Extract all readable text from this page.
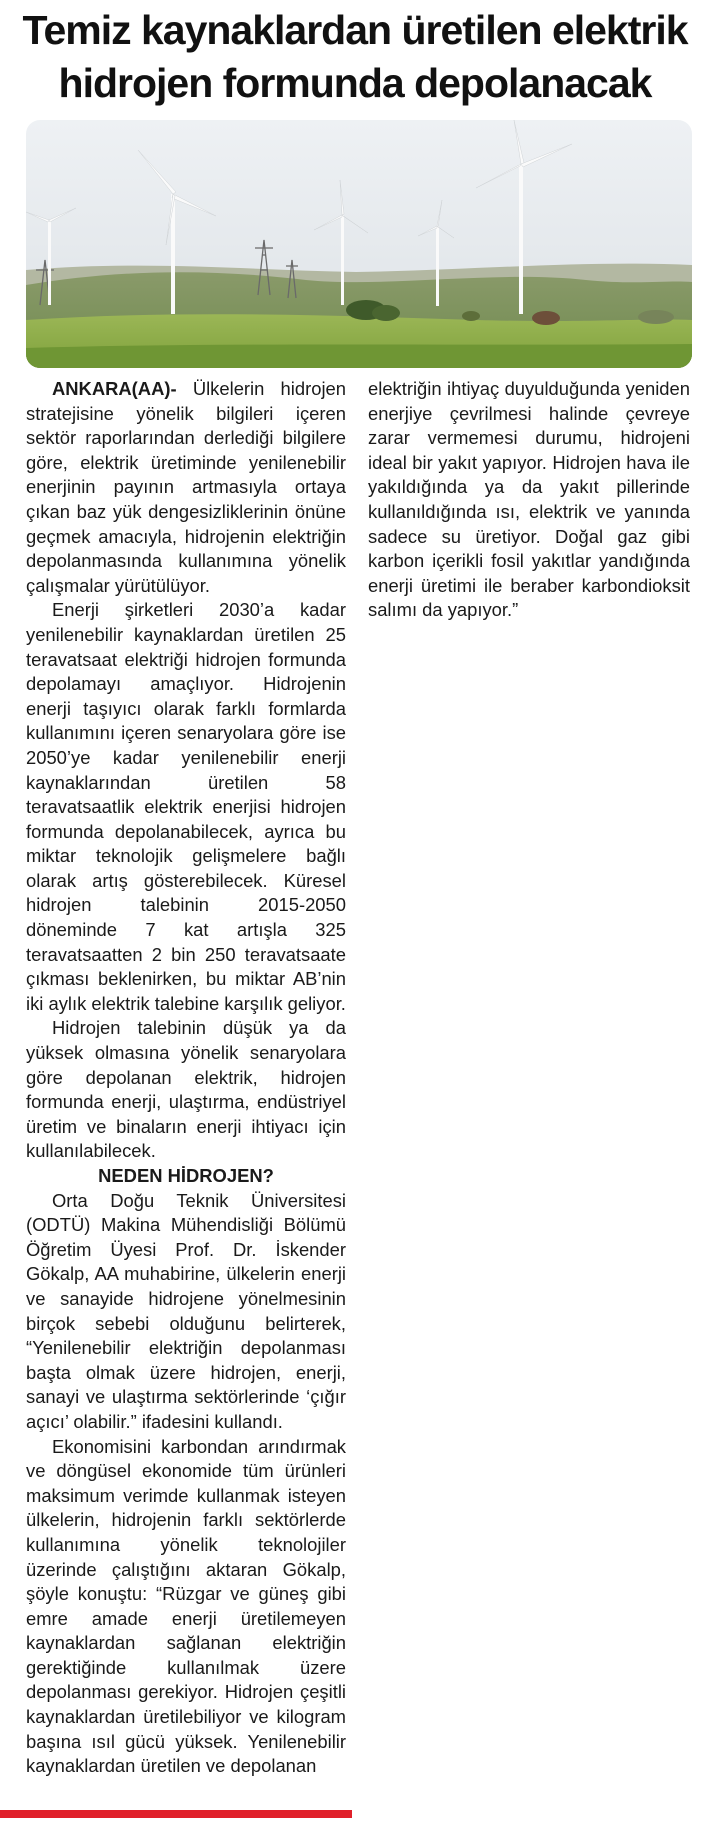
Temiz kaynaklardan üretilen elektrik
hidrojen formunda depolanacak

ANKARA(AA)- Ülkelerin hidrojen stratejisine yönelik bilgileri içeren sektör raporlarından derlediği bilgilere göre, elektrik üretiminde yenilenebilir enerjinin payının artmasıyla ortaya çıkan baz yük dengesizliklerinin önüne geçmek amacıyla, hidrojenin elektriğin depolanmasında kullanımına yönelik çalışmalar yürütülüyor.

Enerji şirketleri 2030’a kadar yenilenebilir kaynaklardan üretilen 25 teravatsaat elektriği hidrojen formunda depolamayı amaçlıyor. Hidrojenin enerji taşıyıcı olarak farklı formlarda kullanımını içeren senaryolara göre ise 2050’ye kadar yenilenebilir enerji kaynaklarından üretilen 58 teravatsaatlik elektrik enerjisi hidrojen formunda depolanabilecek, ayrıca bu miktar teknolojik gelişmelere bağlı olarak artış gösterebilecek. Küresel hidrojen talebinin 2015-2050 döneminde 7 kat artışla 325 teravatsaatten 2 bin 250 teravatsaate çıkması beklenirken, bu miktar AB’nin iki aylık elektrik talebine karşılık geliyor.

Hidrojen talebinin düşük ya da yüksek olmasına yönelik senaryolara göre depolanan elektrik, hidrojen formunda enerji, ulaştırma, endüstriyel üretim ve binaların enerji ihtiyacı için kullanılabilecek.

NEDEN HİDROJEN?

Orta Doğu Teknik Üniversitesi (ODTÜ) Makina Mühendisliği Bölümü Öğretim Üyesi Prof. Dr. İskender Gökalp, AA muhabirine, ülkelerin enerji ve sanayide hidrojene yönelmesinin birçok sebebi olduğunu belirterek, “Yenilenebilir elektriğin depolanması başta olmak üzere hidrojen, enerji, sanayi ve ulaştırma sektörlerinde ‘çığır açıcı’ olabilir.” ifadesini kullandı.

Ekonomisini karbondan arındırmak ve döngüsel ekonomide tüm ürünleri maksimum verimde kullanmak isteyen ülkelerin, hidrojenin farklı sektörlerde kullanımına yönelik teknolojiler üzerinde çalıştığını aktaran Gökalp, şöyle konuştu: “Rüzgar ve güneş gibi emre amade enerji üretilemeyen kaynaklardan sağlanan elektriğin gerektiğinde kullanılmak üzere depolanması gerekiyor. Hidrojen çeşitli kaynaklardan üretilebiliyor ve kilogram başına ısıl gücü yüksek. Yenilenebilir kaynaklardan üretilen ve depolanan

elektriğin ihtiyaç duyulduğunda yeniden enerjiye çevrilmesi halinde çevreye zarar vermemesi durumu, hidrojeni ideal bir yakıt yapıyor. Hidrojen hava ile yakıldığında ya da yakıt pillerinde kullanıldığında ısı, elektrik ve yanında sadece su üretiyor. Doğal gaz gibi karbon içerikli fosil yakıtlar yandığında enerji üretimi ile beraber karbondioksit salımı da yapıyor.”
